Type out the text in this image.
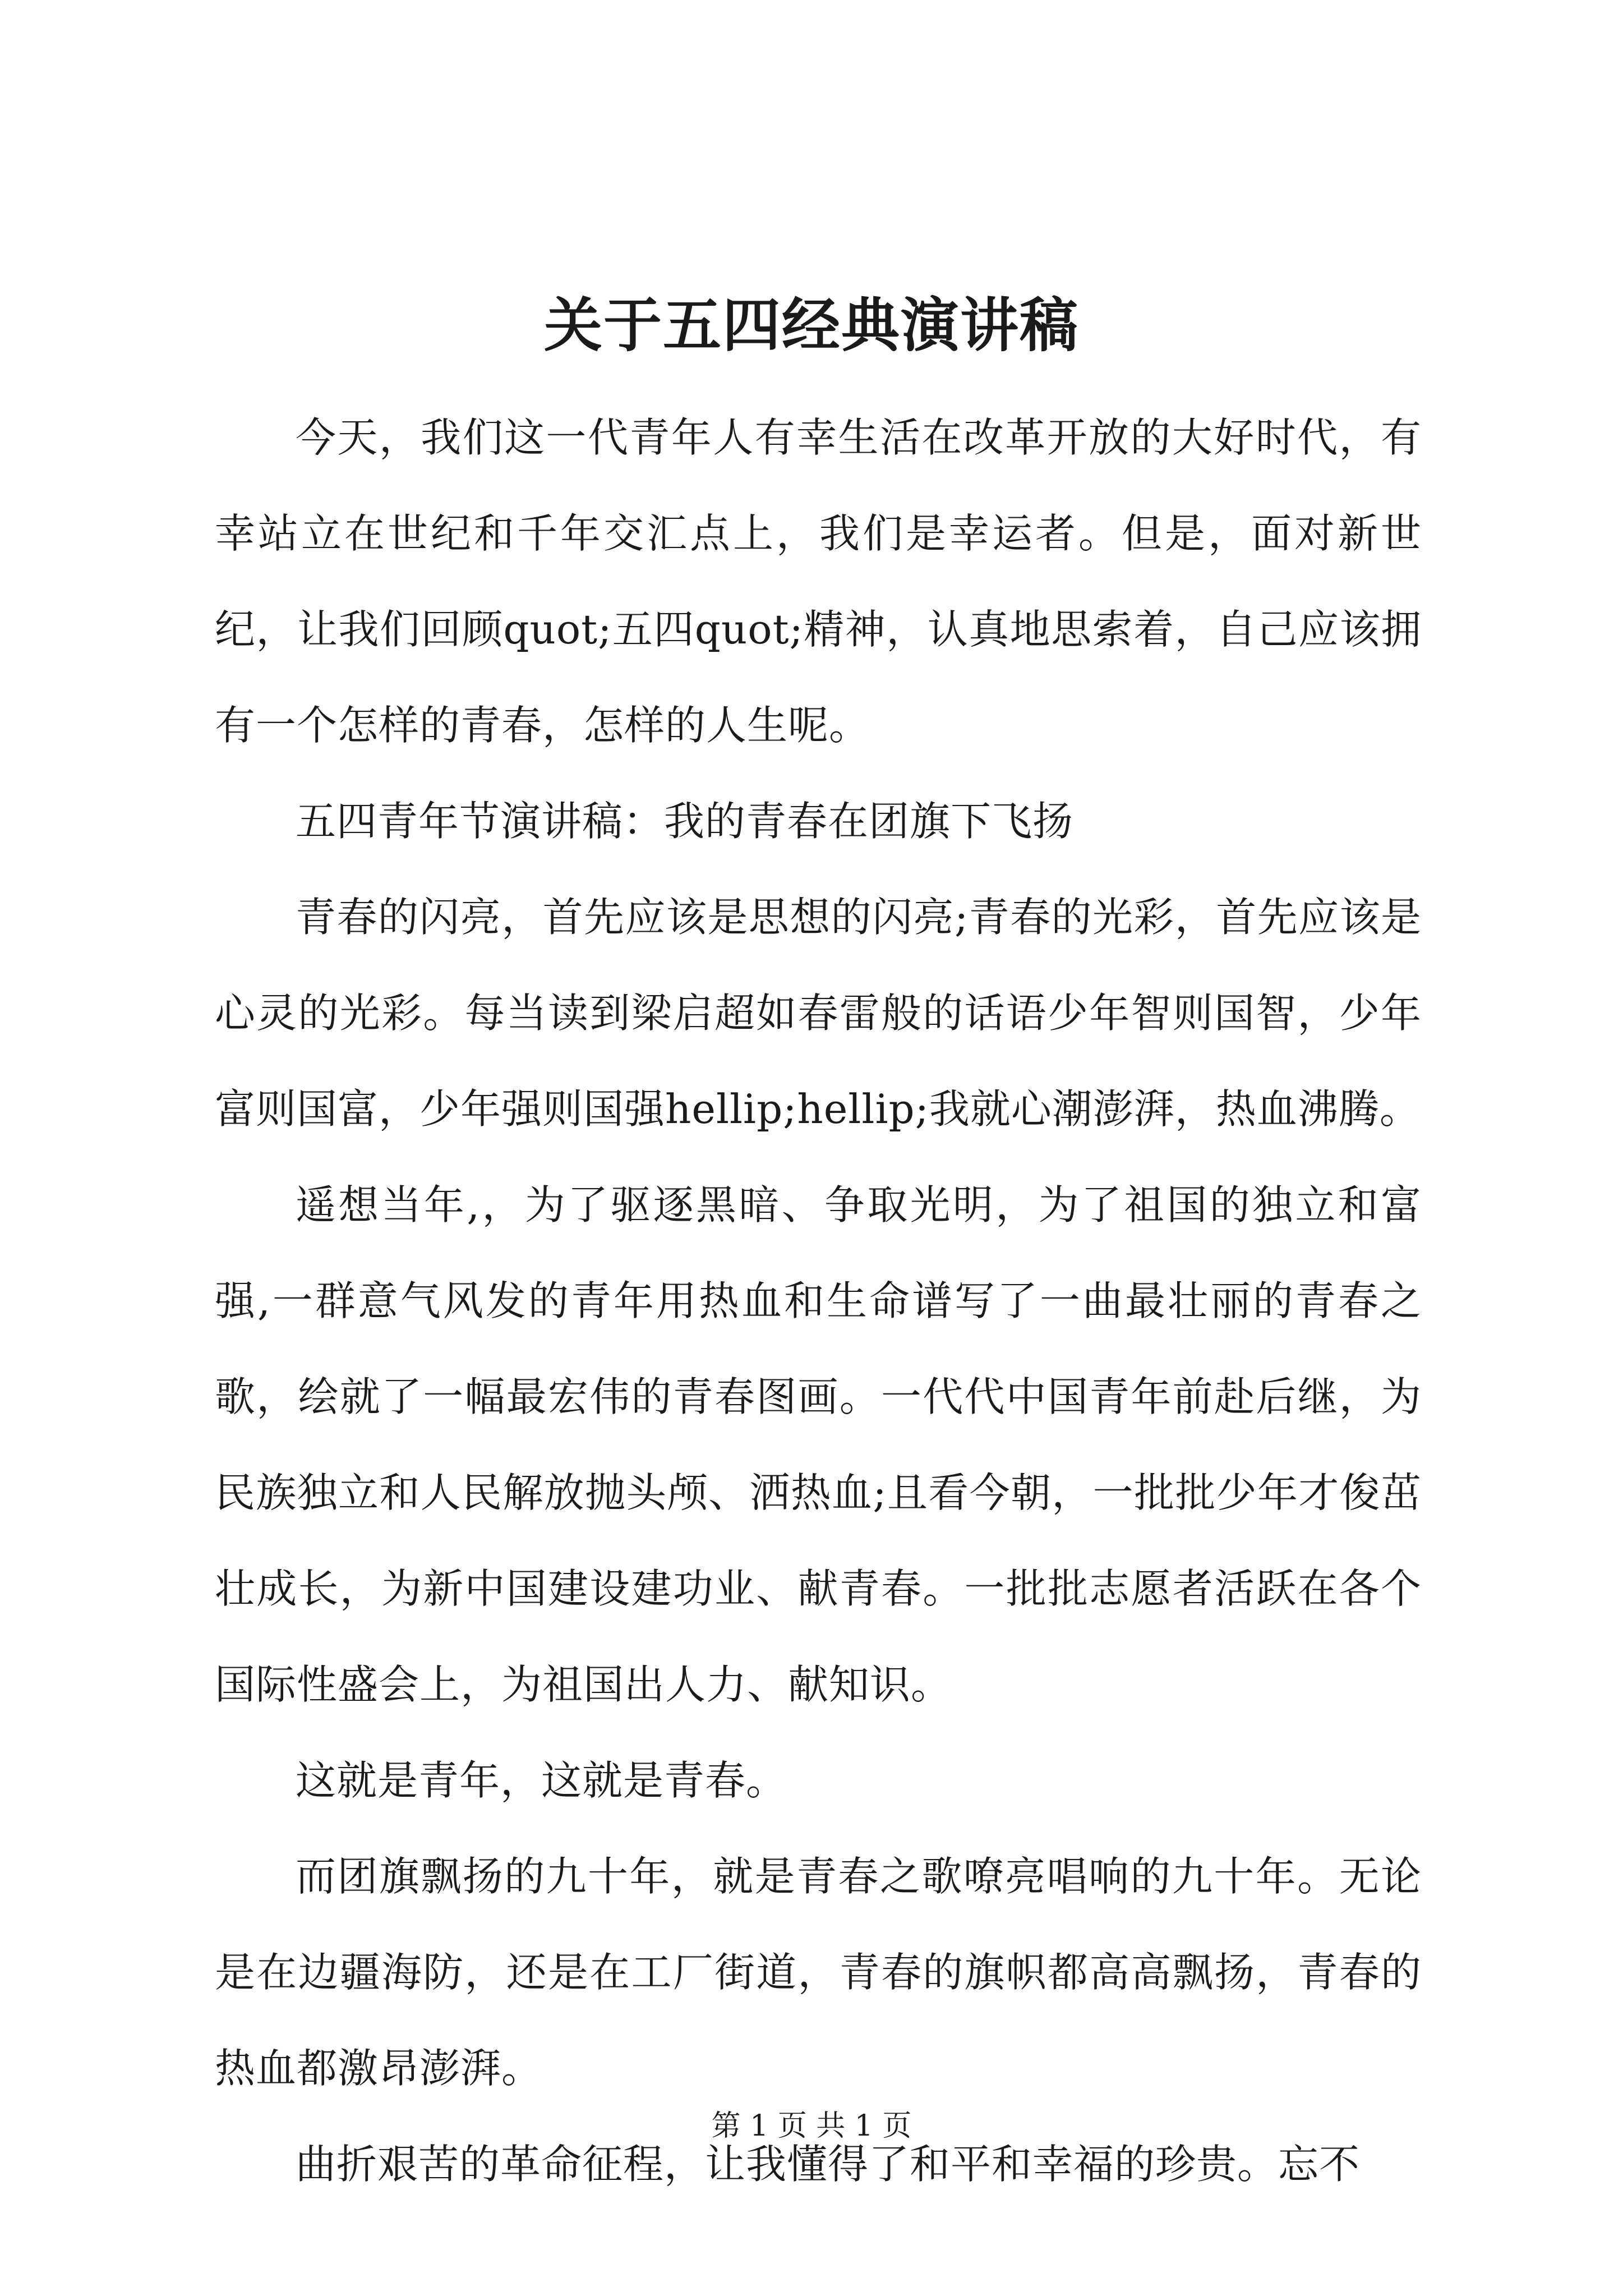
关于五四经典演讲稿

今天，我们这一代青年人有幸生活在改革开放的大好时代，有幸站立在世纪和千年交汇点上，我们是幸运者。但是，面对新世纪，让我们回顾quot;五四quot;精神，认真地思索着，自己应该拥有一个怎样的青春，怎样的人生呢。

五四青年节演讲稿：我的青春在团旗下飞扬

青春的闪亮，首先应该是思想的闪亮;青春的光彩，首先应该是心灵的光彩。每当读到梁启超如春雷般的话语少年智则国智，少年富则国富，少年强则国强hellip;hellip;我就心潮澎湃，热血沸腾。

遥想当年,，为了驱逐黑暗、争取光明，为了祖国的独立和富强,一群意气风发的青年用热血和生命谱写了一曲最壮丽的青春之歌，绘就了一幅最宏伟的青春图画。一代代中国青年前赴后继，为民族独立和人民解放抛头颅、洒热血;且看今朝，一批批少年才俊茁壮成长，为新中国建设建功业、献青春。一批批志愿者活跃在各个国际性盛会上，为祖国出人力、献知识。

这就是青年，这就是青春。

而团旗飘扬的九十年，就是青春之歌嘹亮唱响的九十年。无论是在边疆海防，还是在工厂街道，青春的旗帜都高高飘扬，青春的热血都激昂澎湃。

曲折艰苦的革命征程，让我懂得了和平和幸福的珍贵。忘不

第 1 页 共 1 页
